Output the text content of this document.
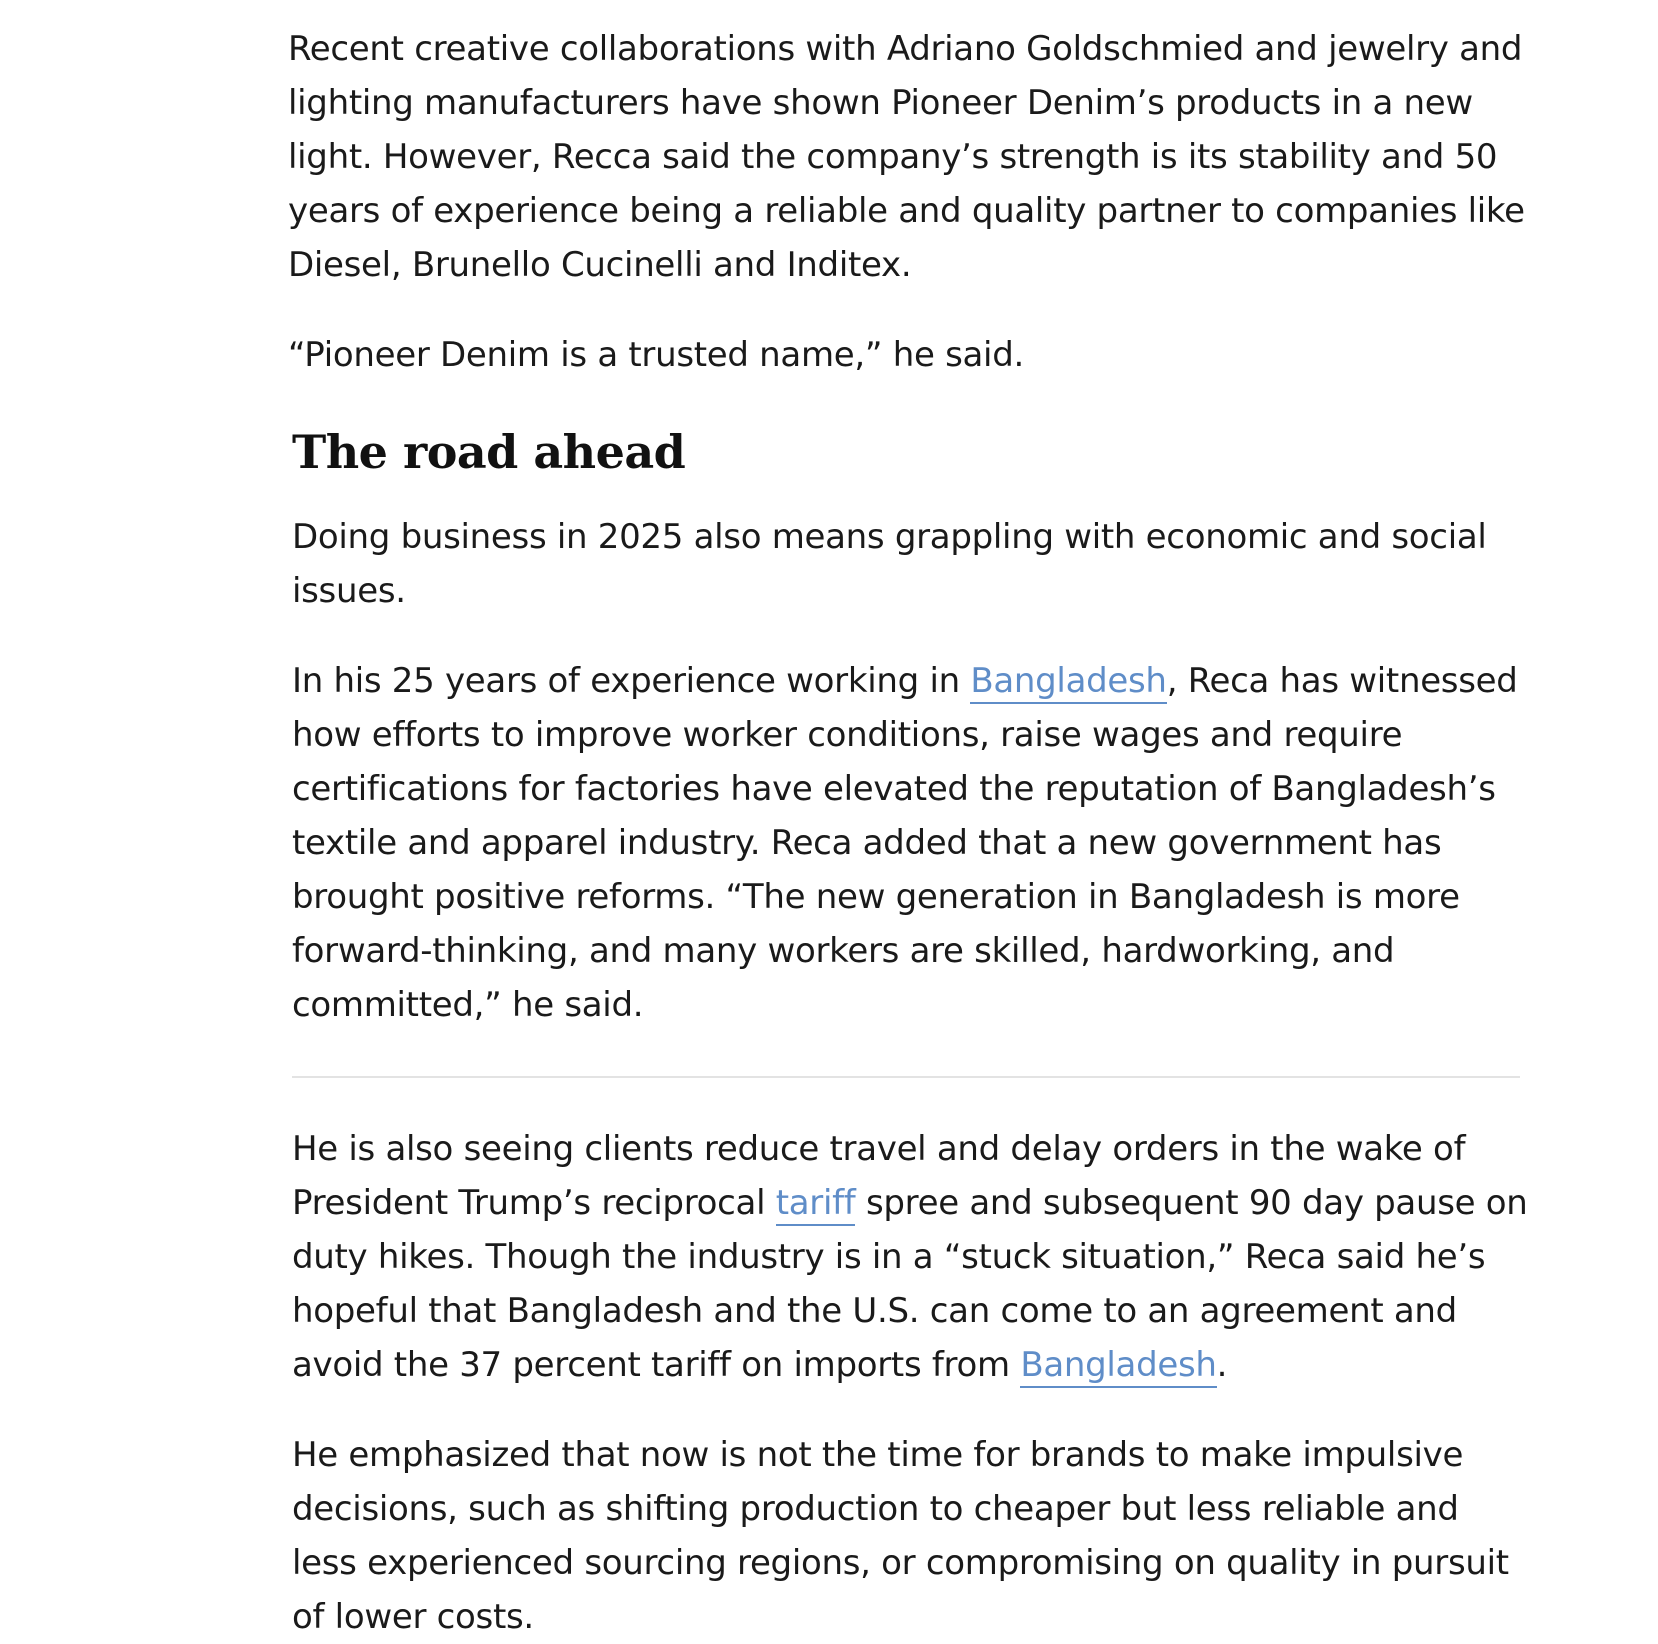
Recent creative collaborations with Adriano Goldschmied and jewelry and lighting manufacturers have shown Pioneer Denim’s products in a new light. However, Recca said the company’s strength is its stability and 50 years of experience being a reliable and quality partner to companies like Diesel, Brunello Cucinelli and Inditex.

“Pioneer Denim is a trusted name,” he said.

The road ahead

Doing business in 2025 also means grappling with economic and social issues.

In his 25 years of experience working in Bangladesh, Reca has witnessed how efforts to improve worker conditions, raise wages and require certifications for factories have elevated the reputation of Bangladesh’s textile and apparel industry. Reca added that a new government has brought positive reforms. “The new generation in Bangladesh is more forward-thinking, and many workers are skilled, hardworking, and committed,” he said.

He is also seeing clients reduce travel and delay orders in the wake of President Trump’s reciprocal tariff spree and subsequent 90 day pause on duty hikes. Though the industry is in a “stuck situation,” Reca said he’s hopeful that Bangladesh and the U.S. can come to an agreement and avoid the 37 percent tariff on imports from Bangladesh.

He emphasized that now is not the time for brands to make impulsive decisions, such as shifting production to cheaper but less reliable and less experienced sourcing regions, or compromising on quality in pursuit of lower costs.
